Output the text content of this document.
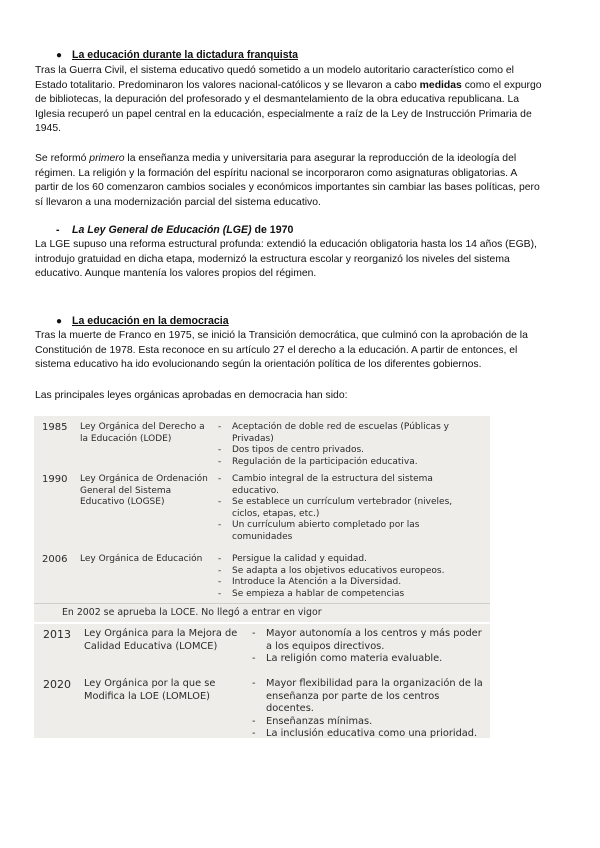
● La educación durante la dictadura franquista

Tras la Guerra Civil, el sistema educativo quedó sometido a un modelo autoritario característico como el Estado totalitario. Predominaron los valores nacional-católicos y se llevaron a cabo medidas como el expurgo de bibliotecas, la depuración del profesorado y el desmantelamiento de la obra educativa republicana. La Iglesia recuperó un papel central en la educación, especialmente a raíz de la Ley de Instrucción Primaria de 1945.

Se reformó primero la enseñanza media y universitaria para asegurar la reproducción de la ideología del régimen. La religión y la formación del espíritu nacional se incorporaron como asignaturas obligatorias. A partir de los 60 comenzaron cambios sociales y económicos importantes sin cambiar las bases políticas, pero sí llevaron a una modernización parcial del sistema educativo.

- La Ley General de Educación (LGE) de 1970

La LGE supuso una reforma estructural profunda: extendió la educación obligatoria hasta los 14 años (EGB), introdujo gratuidad en dicha etapa, modernizó la estructura escolar y reorganizó los niveles del sistema educativo. Aunque mantenía los valores propios del régimen.

● La educación en la democracia

Tras la muerte de Franco en 1975, se inició la Transición democrática, que culminó con la aprobación de la Constitución de 1978. Esta reconoce en su artículo 27 el derecho a la educación. A partir de entonces, el sistema educativo ha ido evolucionando según la orientación política de los diferentes gobiernos.

Las principales leyes orgánicas aprobadas en democracia han sido:

1985 Ley Orgánica del Derecho a la Educación (LODE)
- Aceptación de doble red de escuelas (Públicas y Privadas)
- Dos tipos de centro privados.
- Regulación de la participación educativa.
1990 Ley Orgánica de Ordenación General del Sistema Educativo (LOGSE)
- Cambio integral de la estructura del sistema educativo.
- Se establece un currículum vertebrador (niveles, ciclos, etapas, etc.)
- Un currículum abierto completado por las comunidades
2006 Ley Orgánica de Educación
-	Persigue la calidad y equidad.
- Se adapta a los objetivos educativos europeos.
- Introduce la Atención a la Diversidad.
- Se empieza a hablar de competencias
En 2002 se aprueba la LOCE. No llegó a entrar en vigor
2013 Ley Orgánica para la Mejora de Calidad Educativa (LOMCE)
- Mayor autonomía a los centros y más poder a los equipos directivos.
- La religión como materia evaluable.
2020 Ley Orgánica por la que se Modifica la LOE (LOMLOE)
- Mayor flexibilidad para la organización de la enseñanza por parte de los centros docentes.
- Enseñanzas mínimas.
- La inclusión educativa como una prioridad.
